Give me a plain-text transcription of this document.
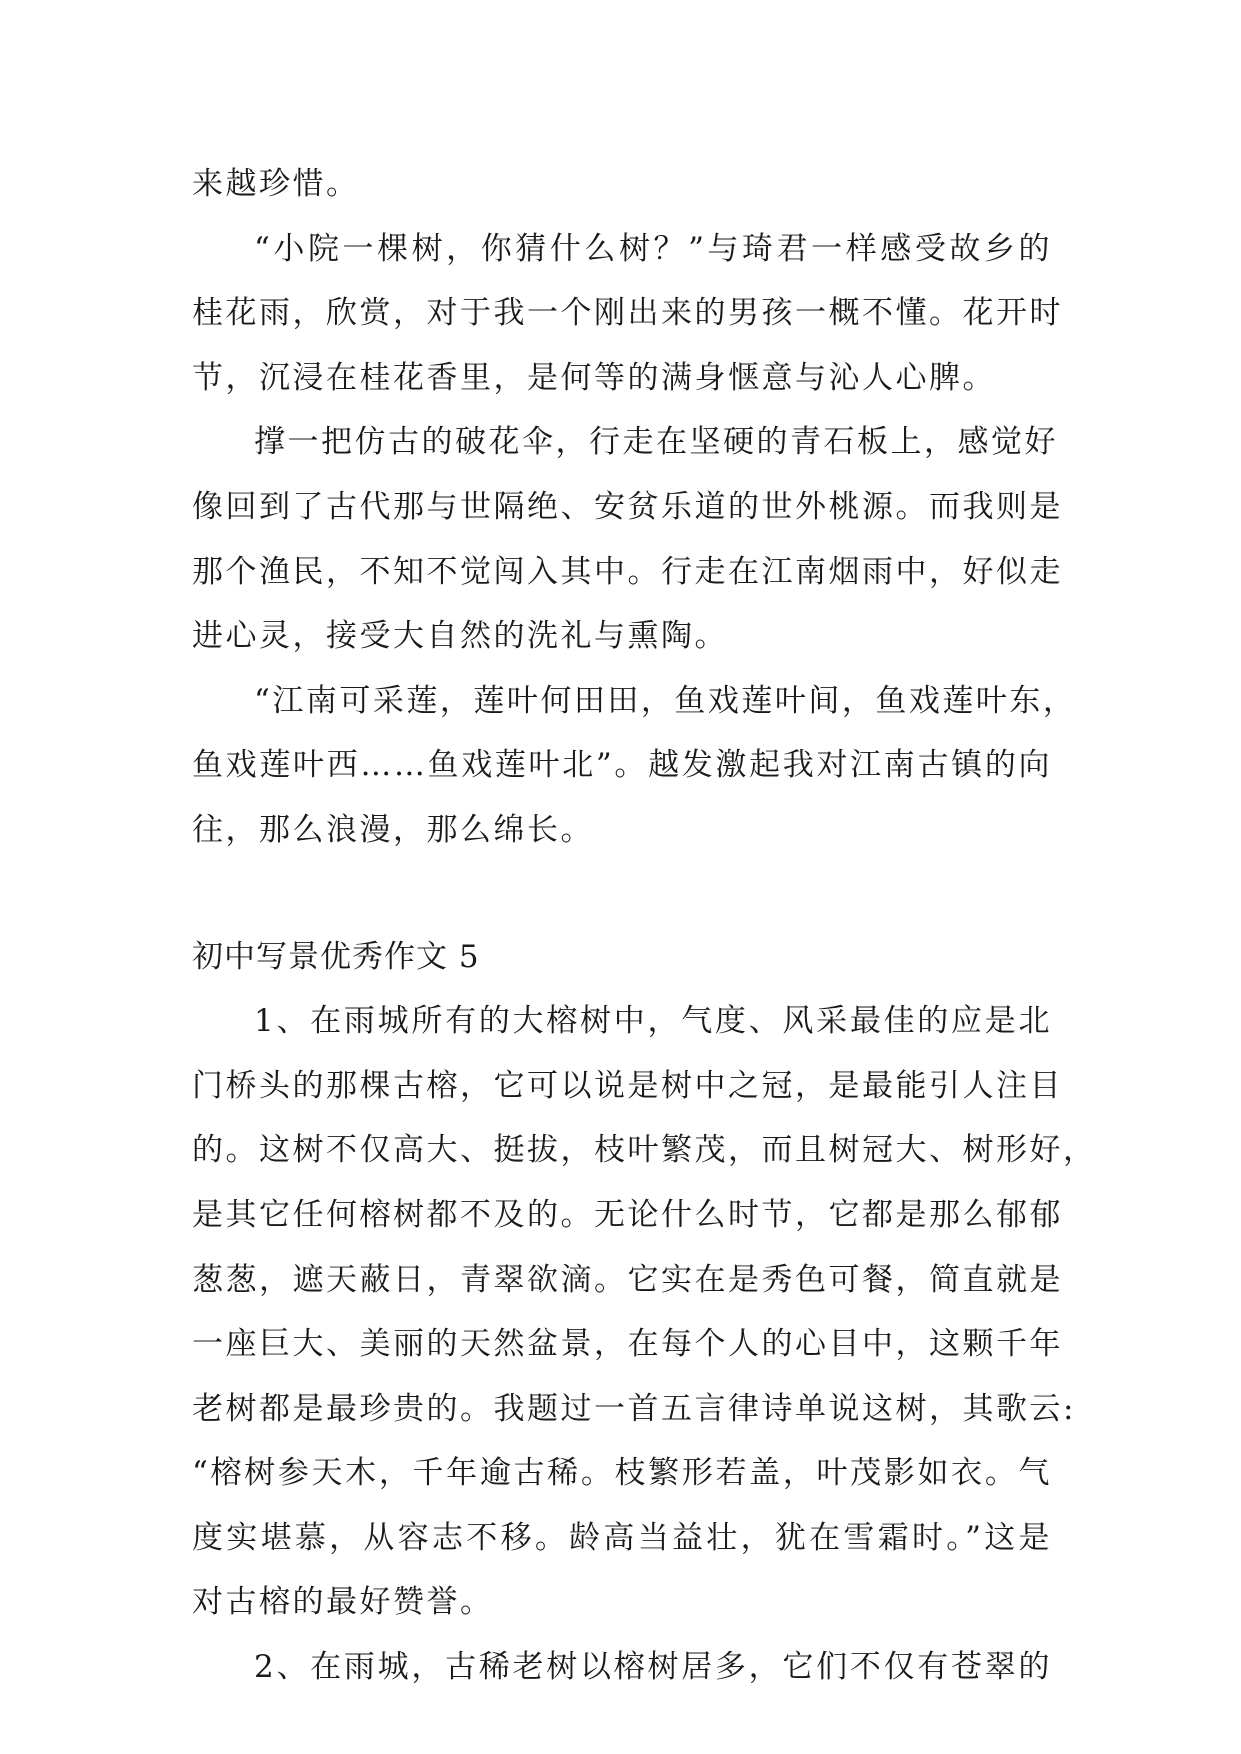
来越珍惜。
“小院一棵树，你猜什么树？”与琦君一样感受故乡的
桂花雨，欣赏，对于我一个刚出来的男孩一概不懂。花开时
节，沉浸在桂花香里，是何等的满身惬意与沁人心脾。
撑一把仿古的破花伞，行走在坚硬的青石板上，感觉好
像回到了古代那与世隔绝、安贫乐道的世外桃源。而我则是
那个渔民，不知不觉闯入其中。行走在江南烟雨中，好似走
进心灵，接受大自然的洗礼与熏陶。
“江南可采莲，莲叶何田田，鱼戏莲叶间，鱼戏莲叶东，
鱼戏莲叶西……鱼戏莲叶北”。越发激起我对江南古镇的向
往，那么浪漫，那么绵长。
初中写景优秀作文 5
1、在雨城所有的大榕树中，气度、风采最佳的应是北
门桥头的那棵古榕，它可以说是树中之冠，是最能引人注目
的。这树不仅高大、挺拔，枝叶繁茂，而且树冠大、树形好，
是其它任何榕树都不及的。无论什么时节，它都是那么郁郁
葱葱，遮天蔽日，青翠欲滴。它实在是秀色可餐，简直就是
一座巨大、美丽的天然盆景，在每个人的心目中，这颗千年
老树都是最珍贵的。我题过一首五言律诗单说这树，其歌云:
“榕树参天木，千年逾古稀。枝繁形若盖，叶茂影如衣。气
度实堪慕，从容志不移。龄高当益壮，犹在雪霜时。”这是
对古榕的最好赞誉。
2、在雨城，古稀老树以榕树居多，它们不仅有苍翠的
